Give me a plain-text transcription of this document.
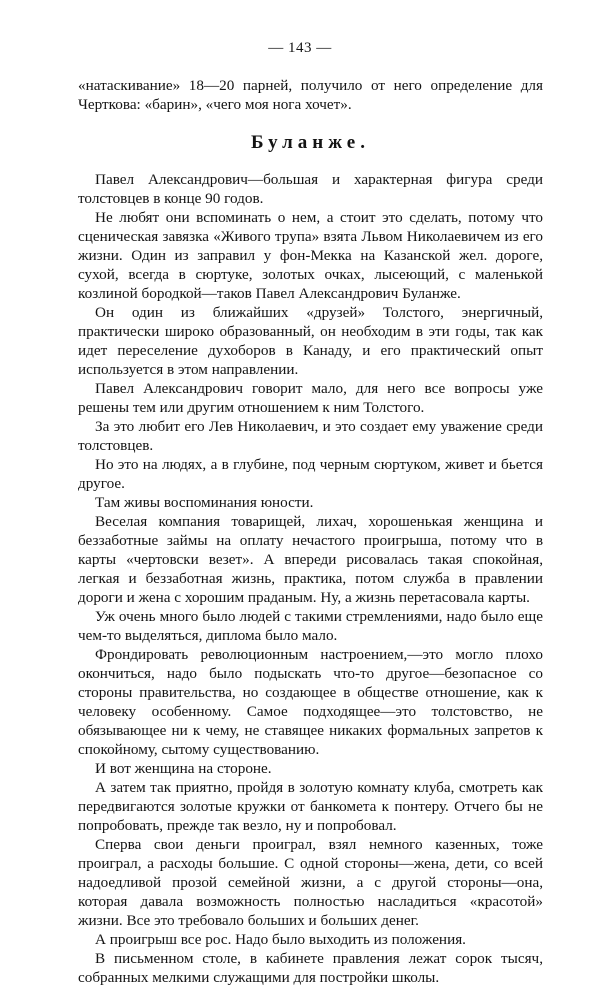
— 143 —

«натаскивание» 18—20 парней, получило от него определение для Черткова: «барин», «чего моя нога хочет».

Буланже.

Павел Александрович—большая и характерная фигура среди толстовцев в конце 90 годов.

Не любят они вспоминать о нем, а стоит это сделать, потому что сценическая завязка «Живого трупа» взята Львом Николаевичем из его жизни. Один из заправил у фон-Мекка на Казанской жел. дороге, сухой, всегда в сюртуке, золотых очках, лысеющий, с маленькой козлиной бородкой—таков Павел Александрович Буланже.

Он один из ближайших «друзей» Толстого, энергичный, практически широко образованный, он необходим в эти годы, так как идет переселение духоборов в Канаду, и его практический опыт используется в этом направлении.

Павел Александрович говорит мало, для него все вопросы уже решены тем или другим отношением к ним Толстого.

За это любит его Лев Николаевич, и это создает ему уважение среди толстовцев.

Но это на людях, а в глубине, под черным сюртуком, живет и бьется другое.

Там живы воспоминания юности.

Веселая компания товарищей, лихач, хорошенькая женщина и беззаботные займы на оплату нечастого проигрыша, потому что в карты «чертовски везет». А впереди рисовалась такая спокойная, легкая и беззаботная жизнь, практика, потом служба в правлении дороги и жена с хорошим праданым. Ну, а жизнь перетасовала карты.

Уж очень много было людей с такими стремлениями, надо было еще чем-то выделяться, диплома было мало.

Фрондировать революционным настроением,—это могло плохо окончиться, надо было подыскать что-то другое—безопасное со стороны правительства, но создающее в обществе отношение, как к человеку особенному. Самое подходящее—это толстовство, не обязывающее ни к чему, не ставящее никаких формальных запретов к спокойному, сытому существованию.

И вот женщина на стороне.

А затем так приятно, пройдя в золотую комнату клуба, смотреть как передвигаются золотые кружки от банкомета к понтеру. Отчего бы не попробовать, прежде так везло, ну и попробовал.

Сперва свои деньги проиграл, взял немного казенных, тоже проиграл, а расходы большие. С одной стороны—жена, дети, со всей надоедливой прозой семейной жизни, а с другой стороны—она, которая давала возможность полностью насладиться «красотой» жизни. Все это требовало больших и больших денег.

А проигрыш все рос. Надо было выходить из положения.

В письменном столе, в кабинете правления лежат сорок тысяч, собранных мелкими служащими для постройки школы.
